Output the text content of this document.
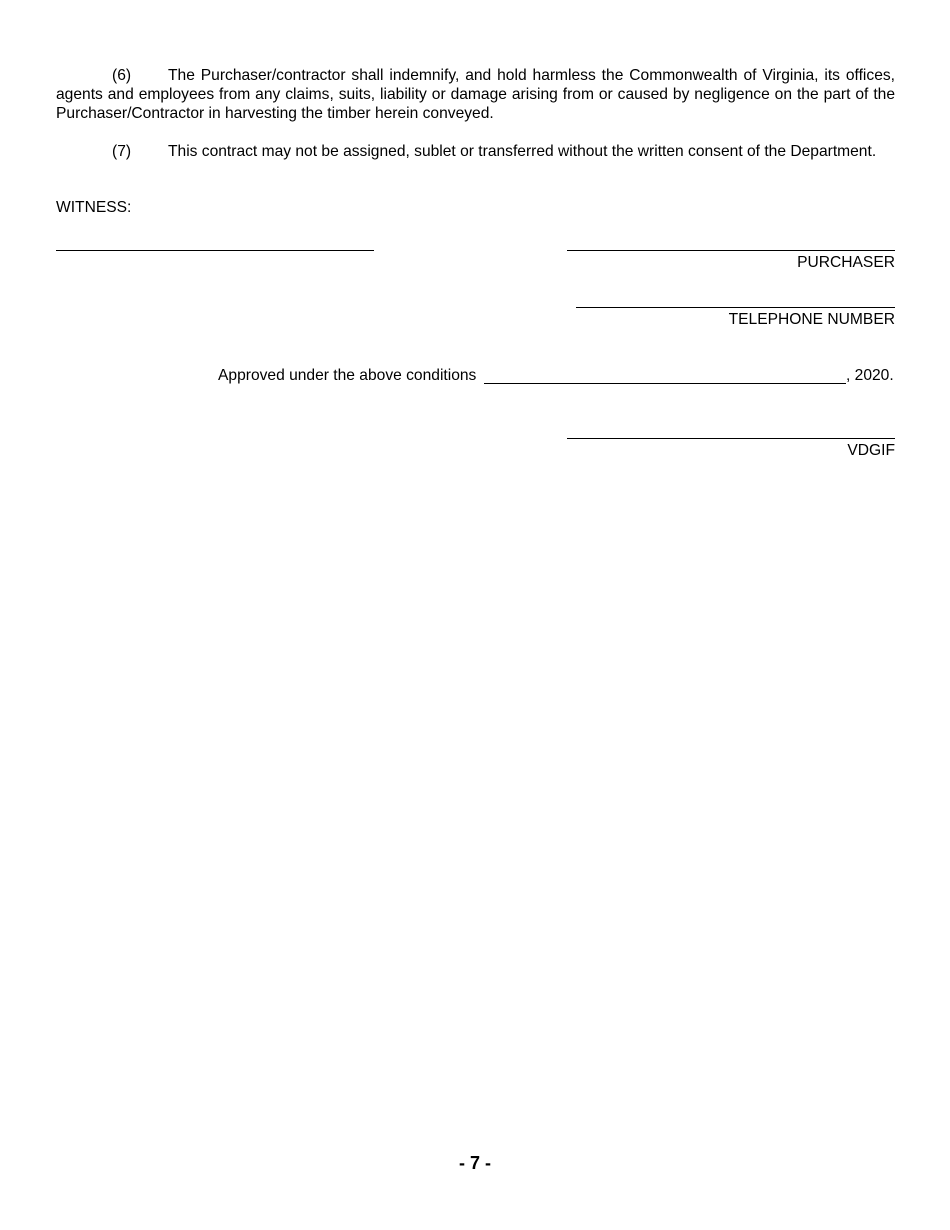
(6) The Purchaser/contractor shall indemnify, and hold harmless the Commonwealth of Virginia, its offices, agents and employees from any claims, suits, liability or damage arising from or caused by negligence on the part of the Purchaser/Contractor in harvesting the timber herein conveyed.

(7) This contract may not be assigned, sublet or transferred without the written consent of the Department.

WITNESS:

PURCHASER

TELEPHONE NUMBER

Approved under the above conditions	, 2020.

VDGIF

- 7 -
